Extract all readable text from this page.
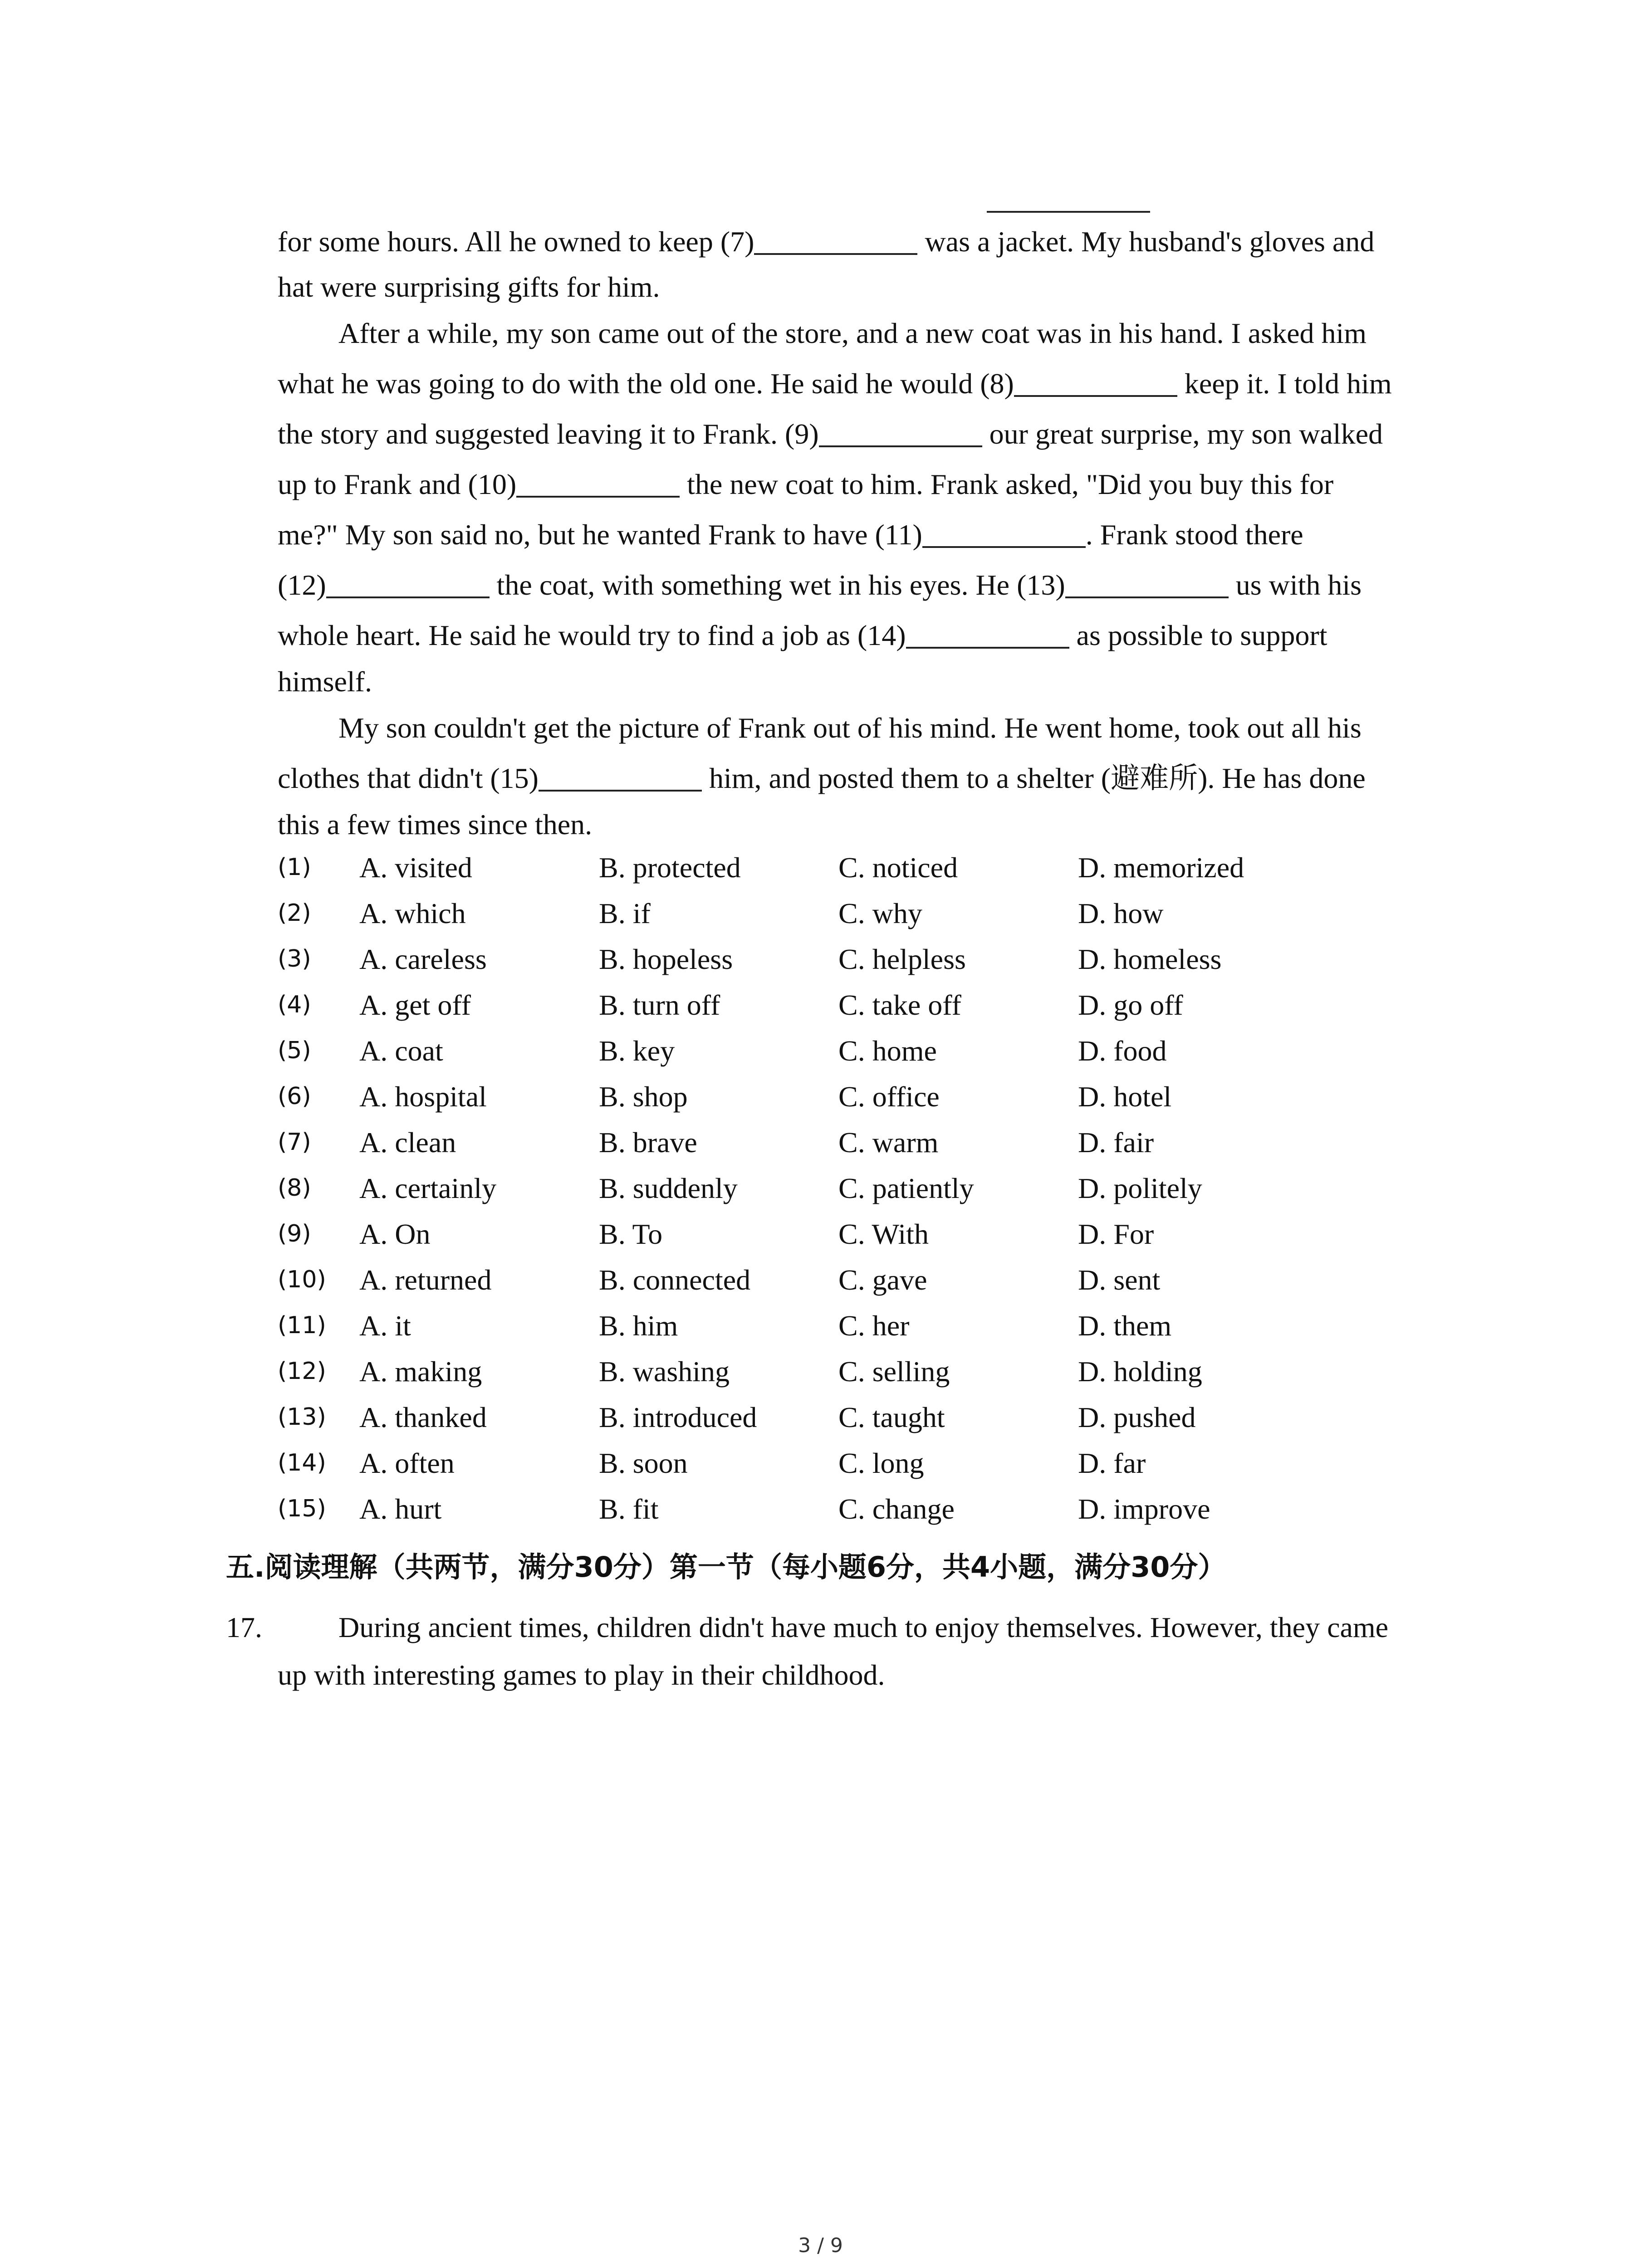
for some hours. All he owned to keep (7)	was a jacket. My husband's gloves and
hat were surprising gifts for him.
After a while, my son came out of the store, and a new coat was in his hand. I asked him
what he was going to do with the old one. He said he would (8)	keep it. I told him
the story and suggested leaving it to Frank. (9)	our great surprise, my son walked
up to Frank and (10)	the new coat to him. Frank asked, "Did you buy this for
me?" My son said no, but he wanted Frank to have (11)	. Frank stood there
(12)	the coat, with something wet in his eyes. He (13)	us with his
whole heart. He said he would try to find a job as (14)	as possible to support
himself.
My son couldn't get the picture of Frank out of his mind. He went home, took out all his
clothes that didn't (15)	him, and posted them to a shelter (避难所). He has done
this a few times since then.
(1) A. visited	B. protected	C. noticed	D. memorized
(2) A. which	B. if	C. why	D. how
(3) A. careless	B. hopeless	C. helpless	D. homeless
(4) A. get off	B. turn off	C. take off	D. go off
(5) A. coat	B. key	C. home	D. food
(6) A. hospital	B. shop	C. office	D. hotel
(7) A. clean	B. brave	C. warm	D. fair
(8) A. certainly	B. suddenly	C. patiently	D. politely
(9) A. On	B. To	C. With	D. For
(10) A. returned	B. connected	C. gave	D. sent
(11) A. it	B. him	C. her	D. them
(12) A. making	B. washing	C. selling	D. holding
(13) A. thanked	B. introduced	C. taught	D. pushed
(14) A. often	B. soon	C. long	D. far
(15) A. hurt	B. fit	C. change	D. improve
五.阅读理解（共两节，满分30分）第一节（每小题6分，共4小题，满分30分）
17.	During ancient times, children didn't have much to enjoy themselves. However, they came
up with interesting games to play in their childhood.
3 / 9
